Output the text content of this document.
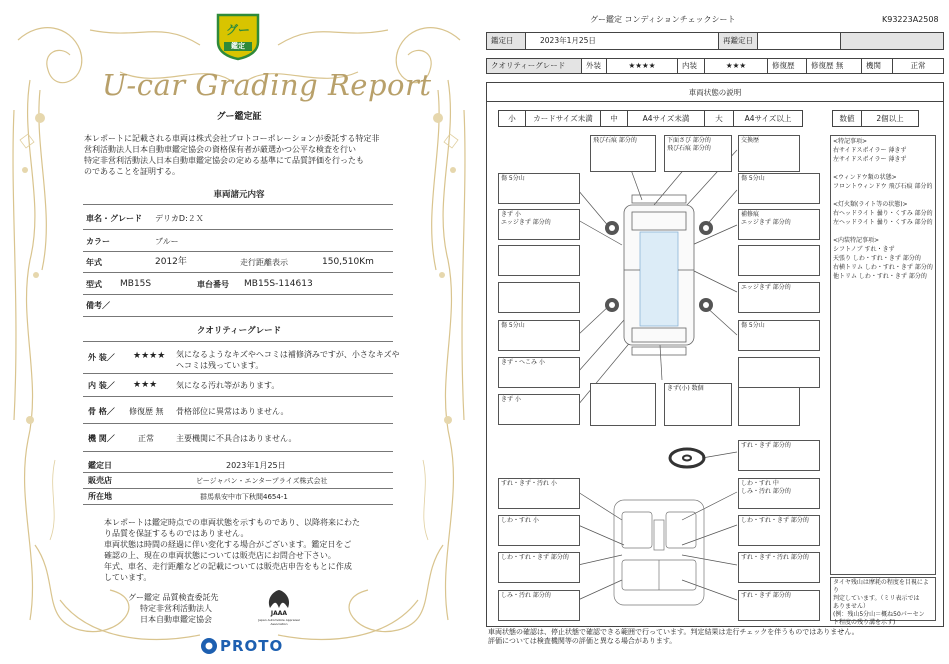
グー
鑑定
U-car Grading Report
グー鑑定証
本レポートに記載される車両は株式会社プロトコーポレーションが委託する特定非
営利活動法人日本自動車鑑定協会の資格保有者が厳選かつ公平な検査を行い
特定非営利活動法人日本自動車鑑定協会の定める基準にて品質評価を行ったも
のであることを証明する。
車両諸元内容
車名・グレード デリカD:２Ｘ
カラー	ブルー
年式	2012年	走行距離表示	150,510Km
型式 MB15S	車台番号 MB15S-114613
備考／
クオリティーグレード
外 装／ ★★★★ 気になるようなキズやヘコミは補修済みですが、小さなキズや
ヘコミは残っています。
内 装／ ★★★ 気になる汚れ等があります。
骨 格／ 修復歴 無 骨格部位に異常はありません。
機 関／	正常	主要機関に不具合はありません。
鑑定日	2023年1月25日
販売店	ビージャパン・エンタープライズ株式会社
所在地	群馬県安中市下秋間4654-1
本レポートは鑑定時点での車両状態を示すものであり、以降将来にわた
り品質を保証するものではありません。
車両状態は時間の経過に伴い変化する場合がございます。鑑定日をご
確認の上、現在の車両状態については販売店にお問合せ下さい。
年式、車名、走行距離などの記載については販売店申告をもとに作成
しています。
グー鑑定 品質検査委託先
特定非営利活動法人
日本自動車鑑定協会
JAAA
Japan Automobile Appraisal Association
PROTO
グー鑑定 コンディションチェックシート	K93223A2508
鑑定日	2023年1月25日	再鑑定日
クオリティーグレード	外装	★★★★	内装	★★★	修復歴	修復歴 無	機関	正常
車両状態の説明
小	カードサイズ未満	中	A4サイズ未満	大	A4サイズ以上	数値	2個以上
飛び石痕 部分的	下面さび 部分的
飛び石痕 部分的
交換歴
傷 5分山
きず 小
エッジきず 部分的
傷 5分山
きず・へこみ 小
きず 小
きず(小) 数個
傷 5分山
補修痕
エッジきず 部分的
エッジきず 部分的
傷 5分山
すれ・きず 部分的
すれ・きず・汚れ 小	しわ・すれ 中
しみ・汚れ 部分的
しわ・すれ 小	しわ・すれ・きず 部分的
しわ・すれ・きず 部分的	すれ・きず・汚れ 部分的
しみ・汚れ 部分的	すれ・きず 部分的
<特記事項>
右サイドスポイラー 薄きず
左サイドスポイラー 薄きず

<ウィンドウ類の状態>
フロントウィンドウ 飛び石痕 部分的

<灯火類(ライト等の状態)>
右ヘッドライト 曇り・くすみ 部分的
左ヘッドライト 曇り・くすみ 部分的

<内装特記事項>
シフトノブ すれ・きず
天張り しわ・すれ・きず 部分的
右横トリム しわ・すれ・きず 部分的
他トリム しわ・すれ・きず 部分的
タイヤ残山は摩耗の程度を目視により
判定しています。（ミリ表示では
ありません）
(例：残山5分山＝概ね50パーセン
ト程度の残り溝を示す)
車両状態の確認は、停止状態で確認できる範囲で行っています。判定結果は走行チェックを伴うものではありません。
評価については検査機関等の評価と異なる場合があります。
